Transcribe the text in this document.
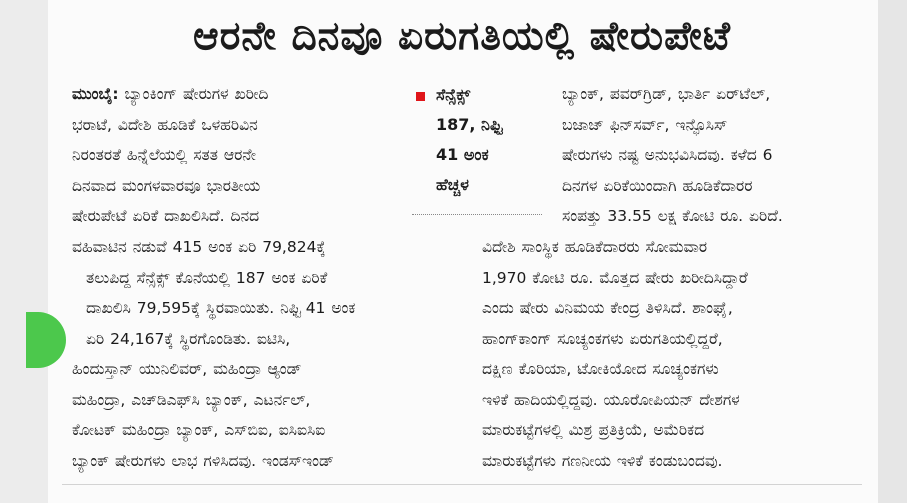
ಆರನೇ ದಿನವೂ ಏರುಗತಿಯಲ್ಲಿ ಷೇರುಪೇಟೆ
ಮುಂಬೈ: ಬ್ಯಾಂಕಿಂಗ್ ಷೇರುಗಳ ಖರೀದಿ
ಭರಾಟೆ, ವಿದೇಶಿ ಹೂಡಿಕೆ ಒಳಹರಿವಿನ
ನಿರಂತರತೆ ಹಿನ್ನೆಲೆಯಲ್ಲಿ ಸತತ ಆರನೇ
ದಿನವಾದ ಮಂಗಳವಾರವೂ ಭಾರತೀಯ
ಷೇರುಪೇಟೆ ಏರಿಕೆ ದಾಖಲಿಸಿದೆ. ದಿನದ
ಸೆನ್ಸೆಕ್ಸ್
187, ನಿಫ್ಟಿ
41 ಅಂಕ
ಹೆಚ್ಚಳ
ಬ್ಯಾಂಕ್, ಪವರ್‌ಗ್ರಿಡ್, ಭಾರ್ತಿ ಏರ್‌ಟೆಲ್,
ಬಜಾಜ್ ಫಿನ್‌ಸರ್ವ್, ಇನ್ಫೊಸಿಸ್
ಷೇರುಗಳು ನಷ್ಟ ಅನುಭವಿಸಿದವು. ಕಳೆದ 6
ದಿನಗಳ ಏರಿಕೆಯಿಂದಾಗಿ ಹೂಡಿಕೆದಾರರ
ಸಂಪತ್ತು 33.55 ಲಕ್ಷ ಕೋಟಿ ರೂ. ಏರಿದೆ.
ವಹಿವಾಟಿನ ನಡುವೆ 415 ಅಂಕ ಏರಿ 79,824ಕ್ಕೆ
ತಲುಪಿದ್ದ ಸೆನ್ಸೆಕ್ಸ್ ಕೊನೆಯಲ್ಲಿ 187 ಅಂಕ ಏರಿಕೆ
ದಾಖಲಿಸಿ 79,595ಕ್ಕೆ ಸ್ಥಿರವಾಯಿತು. ನಿಫ್ಟಿ 41 ಅಂಕ
ಏರಿ 24,167ಕ್ಕೆ ಸ್ಥಿರಗೊಂಡಿತು. ಐಟಿಸಿ,
ಹಿಂದುಸ್ತಾನ್ ಯುನಿಲಿವರ್, ಮಹಿಂದ್ರಾ ಆ್ಯಂಡ್
ಮಹಿಂದ್ರಾ, ಎಚ್‌ಡಿಎಫ್‌ಸಿ ಬ್ಯಾಂಕ್, ಎಟರ್ನಲ್,
ಕೋಟಕ್ ಮಹಿಂದ್ರಾ ಬ್ಯಾಂಕ್, ಎಸ್‌ಬಿಐ, ಐಸಿಐಸಿಐ
ಬ್ಯಾಂಕ್ ಷೇರುಗಳು ಲಾಭ ಗಳಿಸಿದವು. ಇಂಡಸ್‌ಇಂಡ್
ವಿದೇಶಿ ಸಾಂಸ್ಥಿಕ ಹೂಡಿಕೆದಾರರು ಸೋಮವಾರ
1,970 ಕೋಟಿ ರೂ. ಮೊತ್ತದ ಷೇರು ಖರೀದಿಸಿದ್ದಾರೆ
ಎಂದು ಷೇರು ವಿನಿಮಯ ಕೇಂದ್ರ ತಿಳಿಸಿದೆ. ಶಾಂಘೈ,
ಹಾಂಗ್‌ಕಾಂಗ್ ಸೂಚ್ಯಂಕಗಳು ಏರುಗತಿಯಲ್ಲಿದ್ದರೆ,
ದಕ್ಷಿಣ ಕೊರಿಯಾ, ಟೋಕಿಯೋದ ಸೂಚ್ಯಂಕಗಳು
ಇಳಿಕೆ ಹಾದಿಯಲ್ಲಿದ್ದವು. ಯೂರೋಪಿಯನ್ ದೇಶಗಳ
ಮಾರುಕಟ್ಟೆಗಳಲ್ಲಿ ಮಿಶ್ರ ಪ್ರತಿಕ್ರಿಯೆ, ಅಮೆರಿಕದ
ಮಾರುಕಟ್ಟೆಗಳು ಗಣನೀಯ ಇಳಿಕೆ ಕಂಡುಬಂದವು.
